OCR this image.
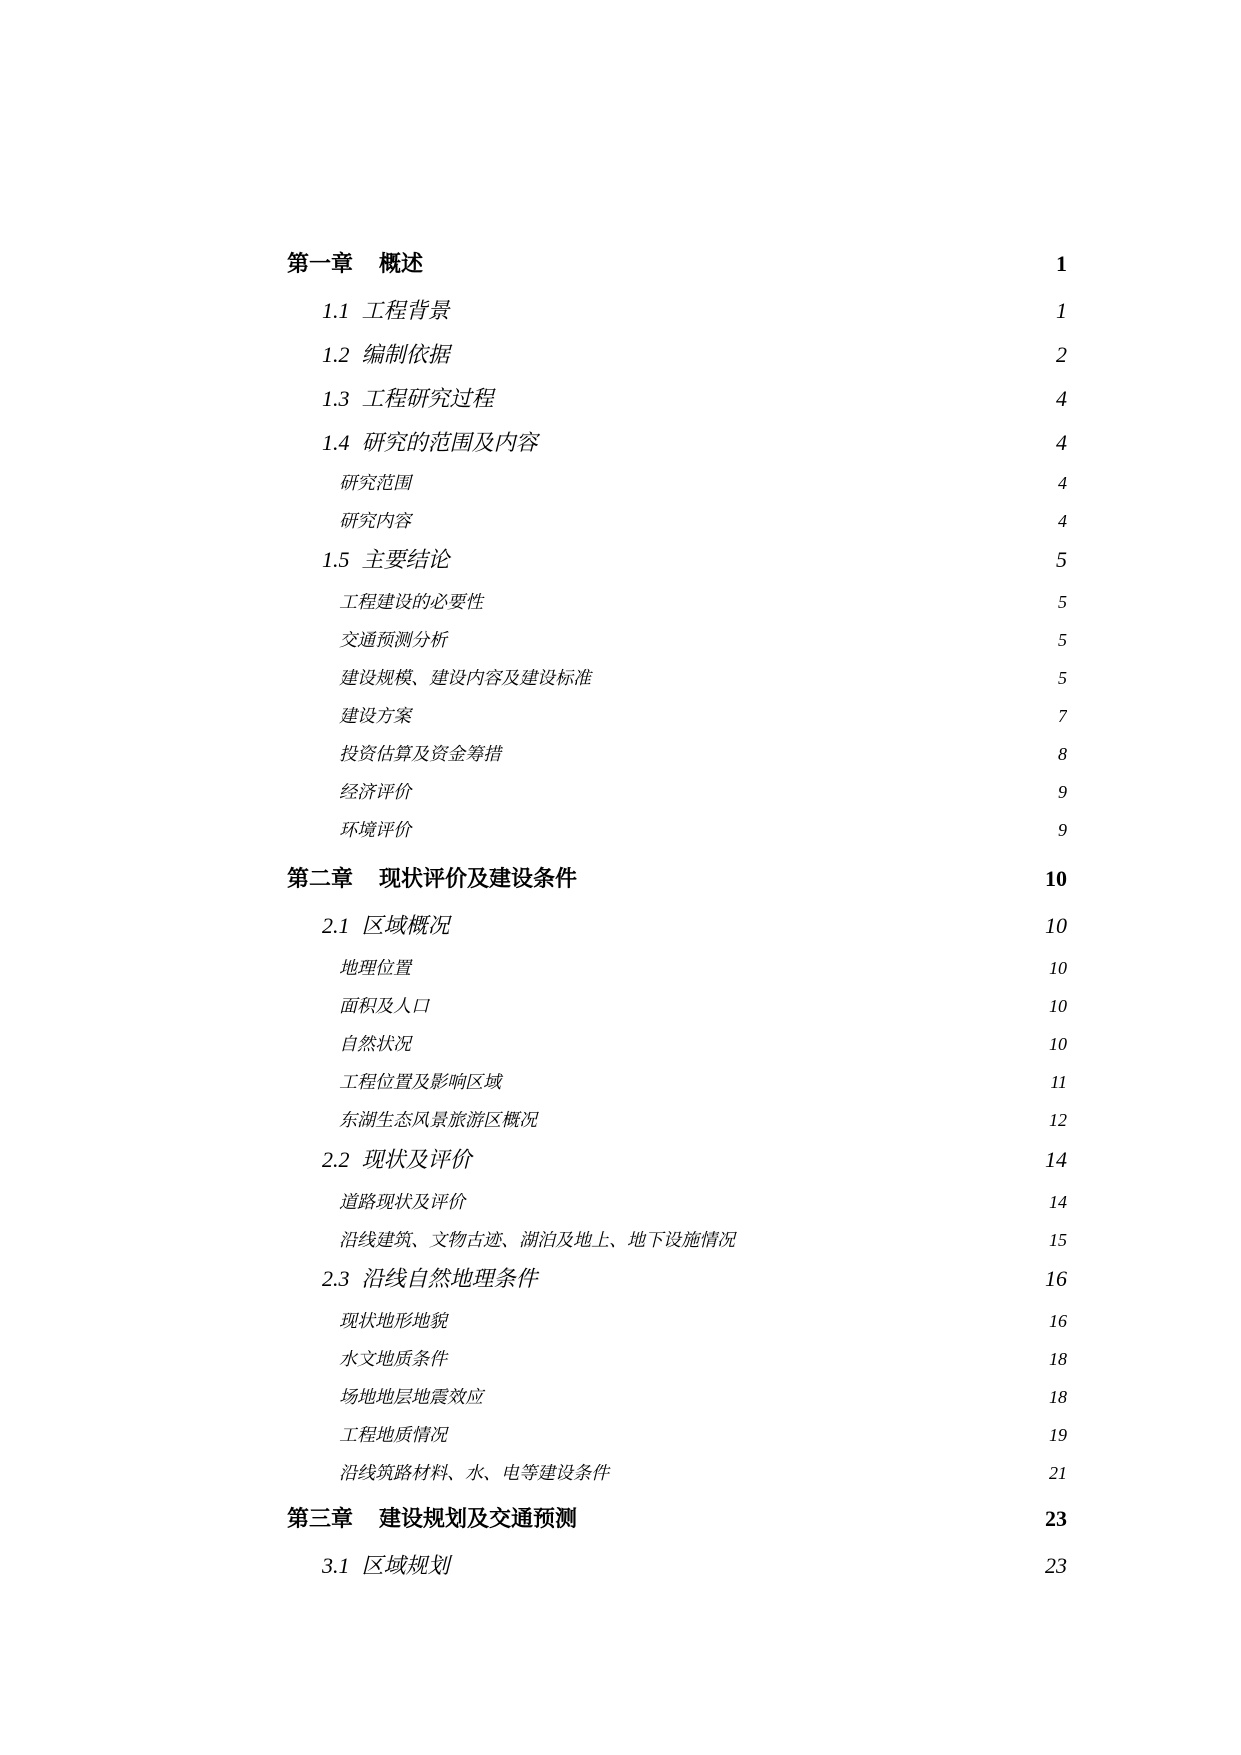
第一章 概述	1
1.1 工程背景	1
1.2 编制依据	2
1.3 工程研究过程	4
1.4 研究的范围及内容	4
研究范围	4
研究内容	4
1.5 主要结论	5
工程建设的必要性	5
交通预测分析	5
建设规模、建设内容及建设标准	5
建设方案	7
投资估算及资金筹措	8
经济评价	9
环境评价	9
第二章 现状评价及建设条件	10
2.1 区域概况	10
地理位置	10
面积及人口	10
自然状况	10
工程位置及影响区域	11
东湖生态风景旅游区概况	12
2.2 现状及评价	14
道路现状及评价	14
沿线建筑、文物古迹、湖泊及地上、地下设施情况	15
2.3 沿线自然地理条件	16
现状地形地貌	16
水文地质条件	18
场地地层地震效应	18
工程地质情况	19
沿线筑路材料、水、电等建设条件	21
第三章 建设规划及交通预测	23
3.1 区域规划	23
